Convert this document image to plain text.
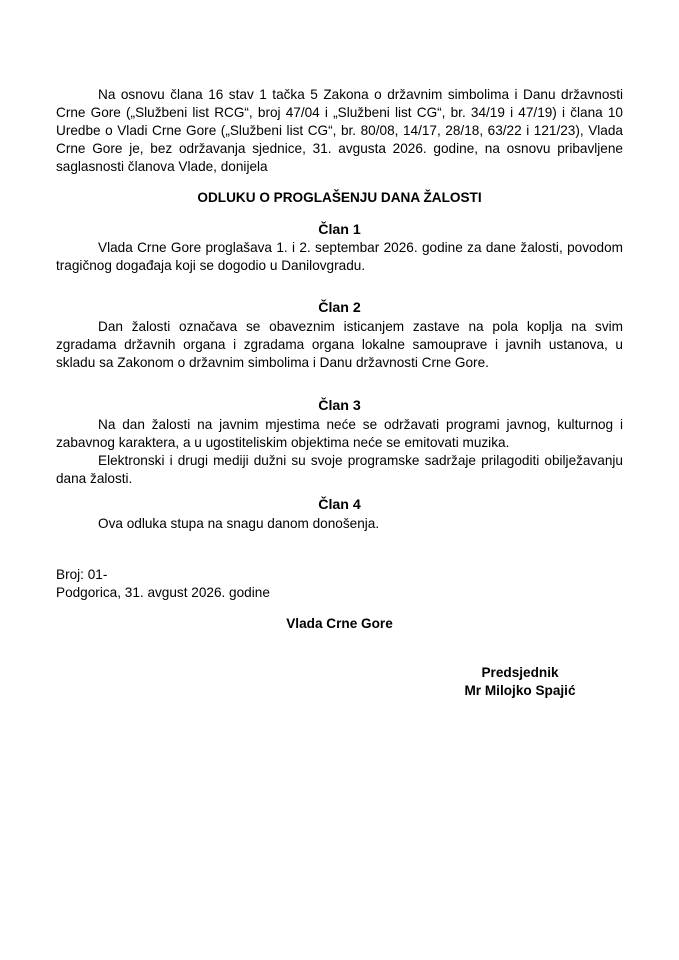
Na osnovu člana 16 stav 1 tačka 5 Zakona o državnim simbolima i Danu državnosti Crne Gore („Službeni list RCG“, broj 47/04 i „Službeni list CG“, br. 34/19 i 47/19) i člana 10 Uredbe o Vladi Crne Gore („Službeni list CG“, br. 80/08, 14/17, 28/18, 63/22 i 121/23), Vlada Crne Gore je, bez održavanja sjednice, 31. avgusta 2026. godine, na osnovu pribavljene saglasnosti članova Vlade, donijela

ODLUKU O PROGLAŠENJU DANA ŽALOSTI
Član 1

Vlada Crne Gore proglašava 1. i 2. septembar 2026. godine za dane žalosti, povodom tragičnog događaja koji se dogodio u Danilovgradu.

Član 2

Dan žalosti označava se obaveznim isticanjem zastave na pola koplja na svim zgradama državnih organa i zgradama organa lokalne samouprave i javnih ustanova, u skladu sa Zakonom o državnim simbolima i Danu državnosti Crne Gore.

Član 3

Na dan žalosti na javnim mjestima neće se održavati programi javnog, kulturnog i zabavnog karaktera, a u ugostiteliskim objektima neće se emitovati muzika.

Elektronski i drugi mediji dužni su svoje programske sadržaje prilagoditi obilježavanju dana žalosti.

Član 4

Ova odluka stupa na snagu danom donošenja.

Broj: 01-
Podgorica, 31. avgust 2026. godine
Vlada Crne Gore
Predsjednik
Mr Milojko Spajić
